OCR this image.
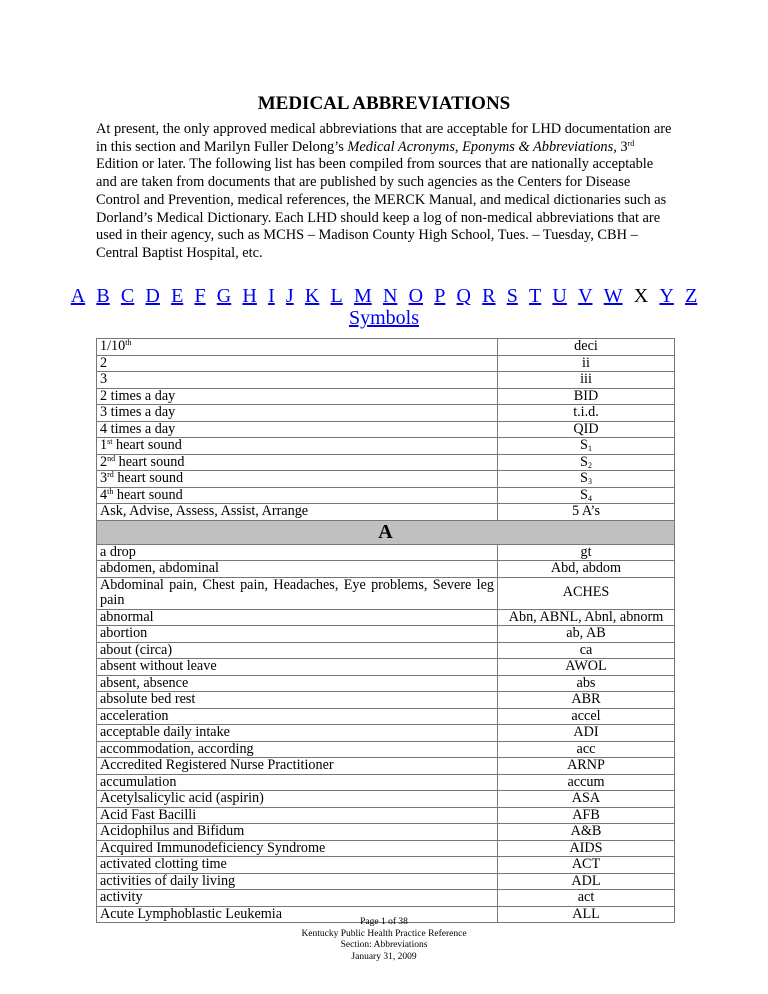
MEDICAL ABBREVIATIONS

At present, the only approved medical abbreviations that are acceptable for LHD documentation are in this section and Marilyn Fuller Delong’s Medical Acronyms, Eponyms & Abbreviations, 3rd Edition or later. The following list has been compiled from sources that are nationally acceptable and are taken from documents that are published by such agencies as the Centers for Disease Control and Prevention, medical references, the MERCK Manual, and medical dictionaries such as Dorland’s Medical Dictionary. Each LHD should keep a log of non-medical abbreviations that are used in their agency, such as MCHS – Madison County High School, Tues. – Tuesday, CBH – Central Baptist Hospital, etc.

A B C D E F G H I J K L M N O P Q R S T U V W X Y Z
Symbols
1/10th	deci
2	ii
3	iii
2 times a day	BID
3 times a day	t.i.d.
4 times a day	QID
1st heart sound	$S_1$
2nd heart sound	$S_2$
3rd heart sound	$S_3$
4th heart sound	$S_4$
Ask, Advise, Assess, Assist, Arrange	5 A’s
A	
a drop	gt
abdomen, abdominal	Abd, abdom
Abdominal pain, Chest pain, Headaches, Eye problems, Severe leg pain	ACHES
abnormal	Abn, ABNL, Abnl, abnorm
abortion	ab, AB
about (circa)	ca
absent without leave	AWOL
absent, absence	abs
absolute bed rest	ABR
acceleration	accel
acceptable daily intake	ADI
accommodation, according	acc
Accredited Registered Nurse Practitioner	ARNP
accumulation	accum
Acetylsalicylic acid (aspirin)	ASA
Acid Fast Bacilli	AFB
Acidophilus and Bifidum	A&B
Acquired Immunodeficiency Syndrome	AIDS
activated clotting time	ACT
activities of daily living	ADL
activity	act
Acute Lymphoblastic Leukemia	ALL
Page 1 of 38
Kentucky Public Health Practice Reference
Section: Abbreviations
January 31, 2009
